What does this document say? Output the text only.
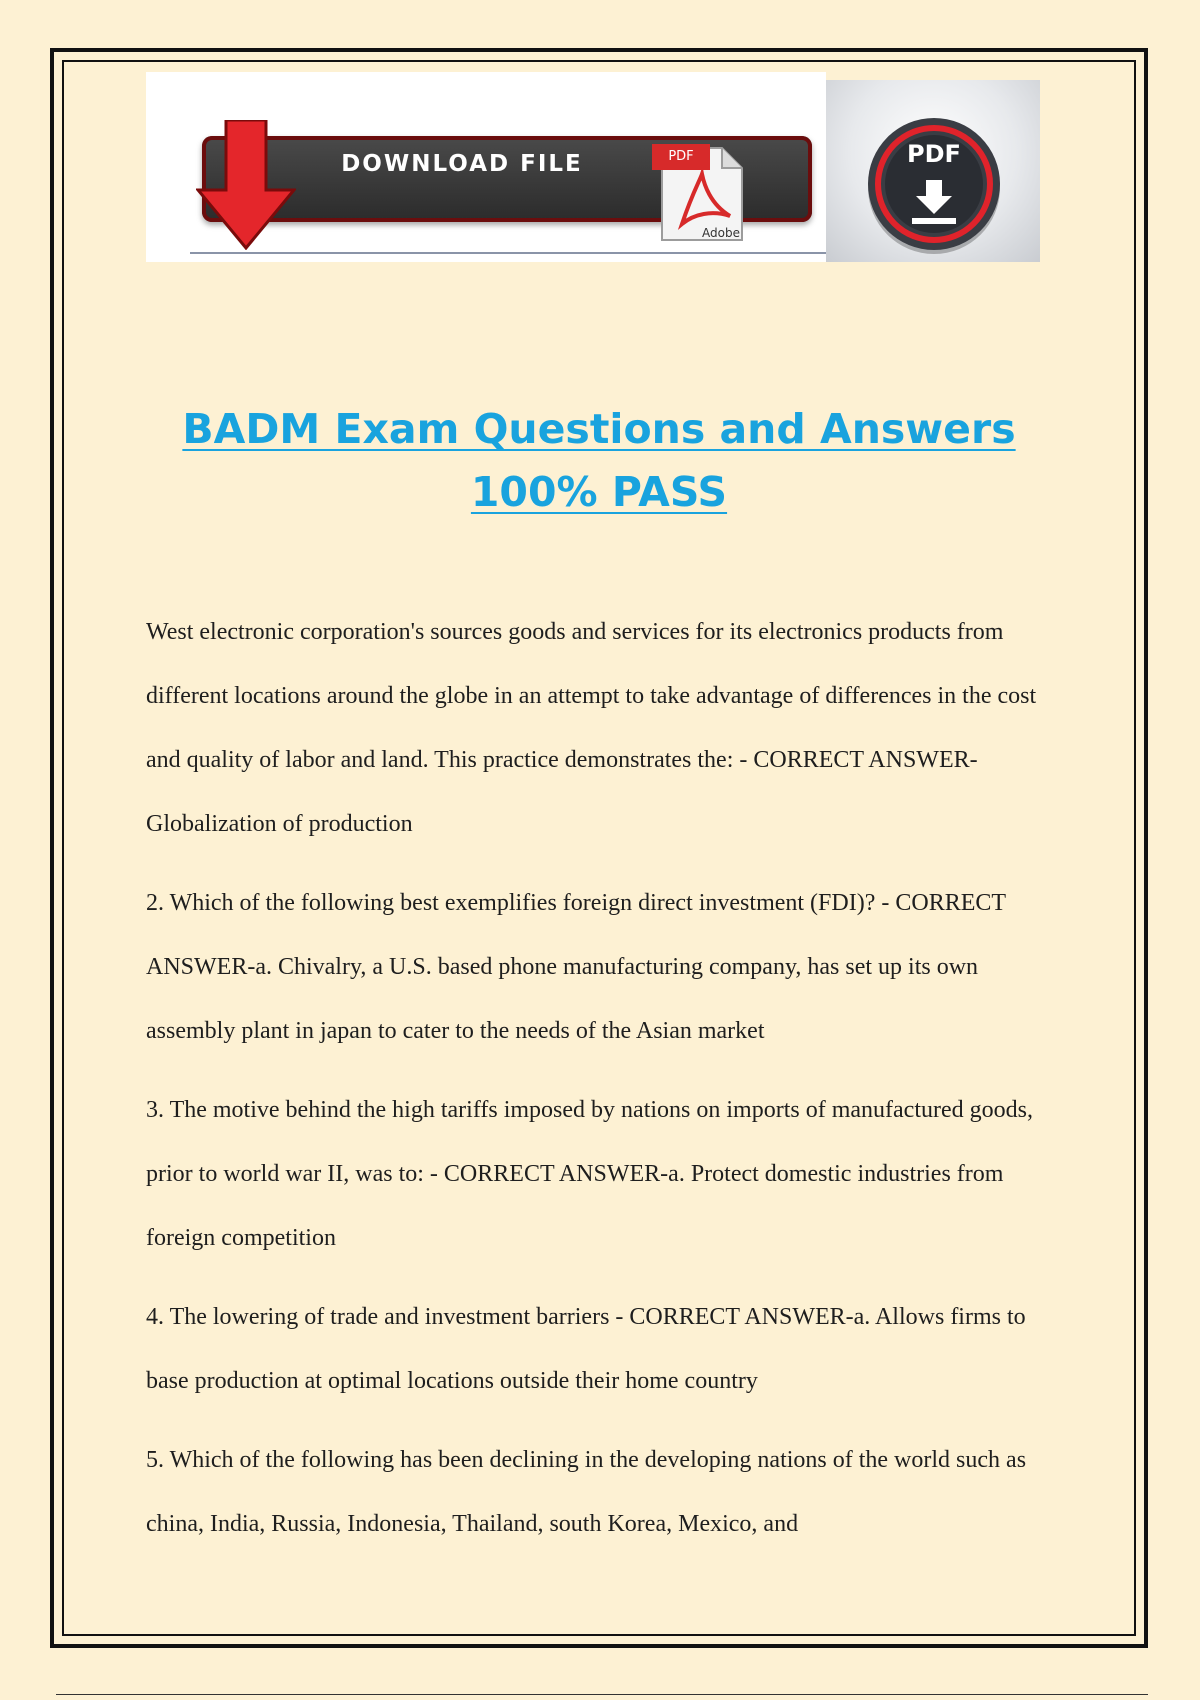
DOWNLOAD FILE	PDF
Adobe
PDF
BADM Exam Questions and Answers 100% PASS

West electronic corporation's sources goods and services for its electronics products from different locations around the globe in an attempt to take advantage of differences in the cost and quality of labor and land. This practice demonstrates the: - CORRECT ANSWER-Globalization of production

2. Which of the following best exemplifies foreign direct investment (FDI)? - CORRECT ANSWER-a. Chivalry, a U.S. based phone manufacturing company, has set up its own assembly plant in japan to cater to the needs of the Asian market

3. The motive behind the high tariffs imposed by nations on imports of manufactured goods, prior to world war II, was to: - CORRECT ANSWER-a. Protect domestic industries from foreign competition

4. The lowering of trade and investment barriers - CORRECT ANSWER-a. Allows firms to base production at optimal locations outside their home country

5. Which of the following has been declining in the developing nations of the world such as china, India, Russia, Indonesia, Thailand, south Korea, Mexico, and
